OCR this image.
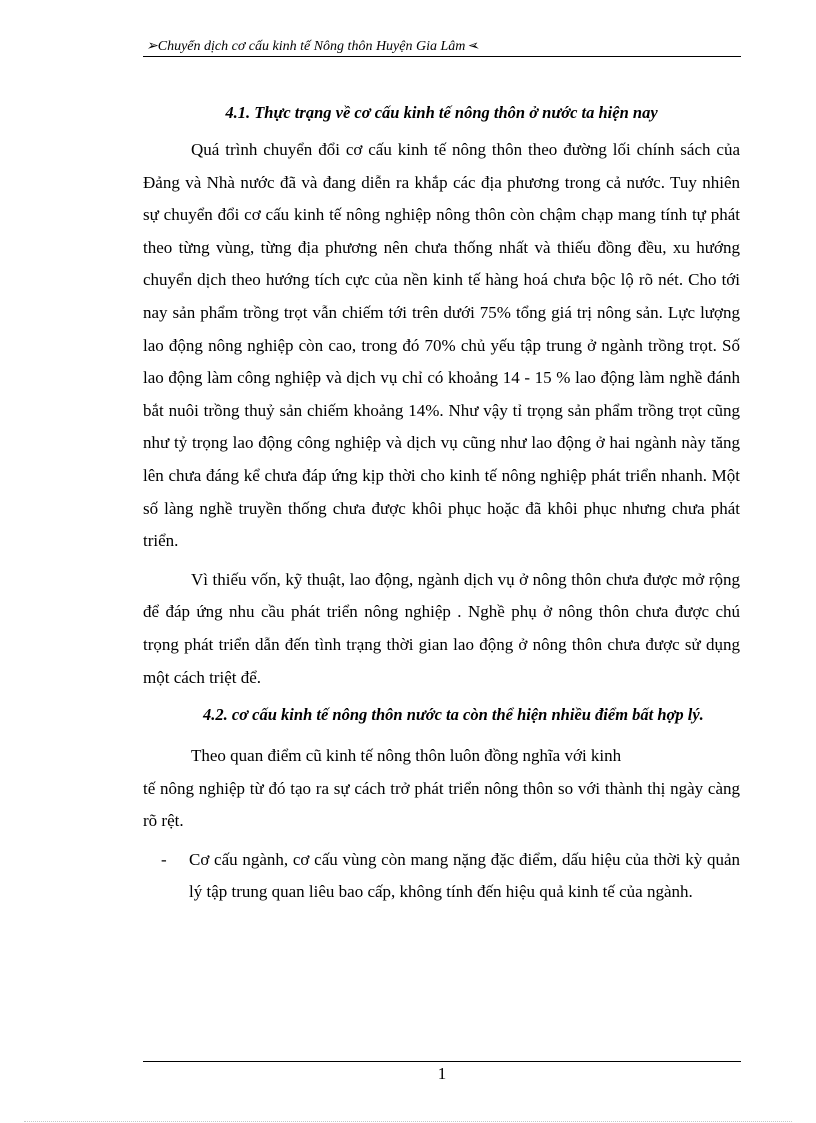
➢Chuyển dịch cơ cấu kinh tế Nông thôn Huyện Gia Lâm ➢
4.1. Thực trạng về cơ cấu kinh tế nông thôn ở nước ta hiện nay

Quá trình chuyển đổi cơ cấu kinh tế nông thôn theo đường lối chính sách của Đảng và Nhà nước đã và đang diễn ra khắp các địa phương trong cả nước. Tuy nhiên sự chuyển đổi cơ cấu kinh tế nông nghiệp nông thôn còn chậm chạp mang tính tự phát theo từng vùng, từng địa phương nên chưa thống nhất và thiếu đồng đều, xu hướng chuyển dịch theo hướng tích cực của nền kinh tế hàng hoá chưa bộc lộ rõ nét. Cho tới nay sản phẩm trồng trọt vẫn chiếm tới trên dưới 75% tổng giá trị nông sản. Lực lượng lao động nông nghiệp còn cao, trong đó 70% chủ yếu tập trung ở ngành trồng trọt. Số lao động làm công nghiệp và dịch vụ chỉ có khoảng 14 - 15 % lao động làm nghề đánh bắt nuôi trồng thuỷ sản chiếm khoảng 14%. Như vậy tỉ trọng sản phẩm trồng trọt cũng như tỷ trọng lao động công nghiệp và dịch vụ cũng như lao động ở hai ngành này tăng lên chưa đáng kể chưa đáp ứng kịp thời cho kinh tế nông nghiệp phát triển nhanh. Một số làng nghề truyền thống chưa được khôi phục hoặc đã khôi phục nhưng chưa phát triển.

Vì thiếu vốn, kỹ thuật, lao động, ngành dịch vụ ở nông thôn chưa được mở rộng để đáp ứng nhu cầu phát triển nông nghiệp . Nghề phụ ở nông thôn chưa được chú trọng phát triển dẫn đến tình trạng thời gian lao động ở nông thôn chưa được sử dụng một cách triệt để.

4.2. cơ cấu kinh tế nông thôn nước ta còn thể hiện nhiều điểm bất hợp lý.

Theo quan điểm cũ kinh tế nông thôn luôn đồng nghĩa với kinh

tế nông nghiệp từ đó tạo ra sự cách trở phát triển nông thôn so với thành thị ngày càng rõ rệt.

-	Cơ cấu ngành, cơ cấu vùng còn mang nặng đặc điểm, dấu hiệu của thời kỳ quản lý tập trung quan liêu bao cấp, không tính đến hiệu quả kinh tế của ngành.

1
